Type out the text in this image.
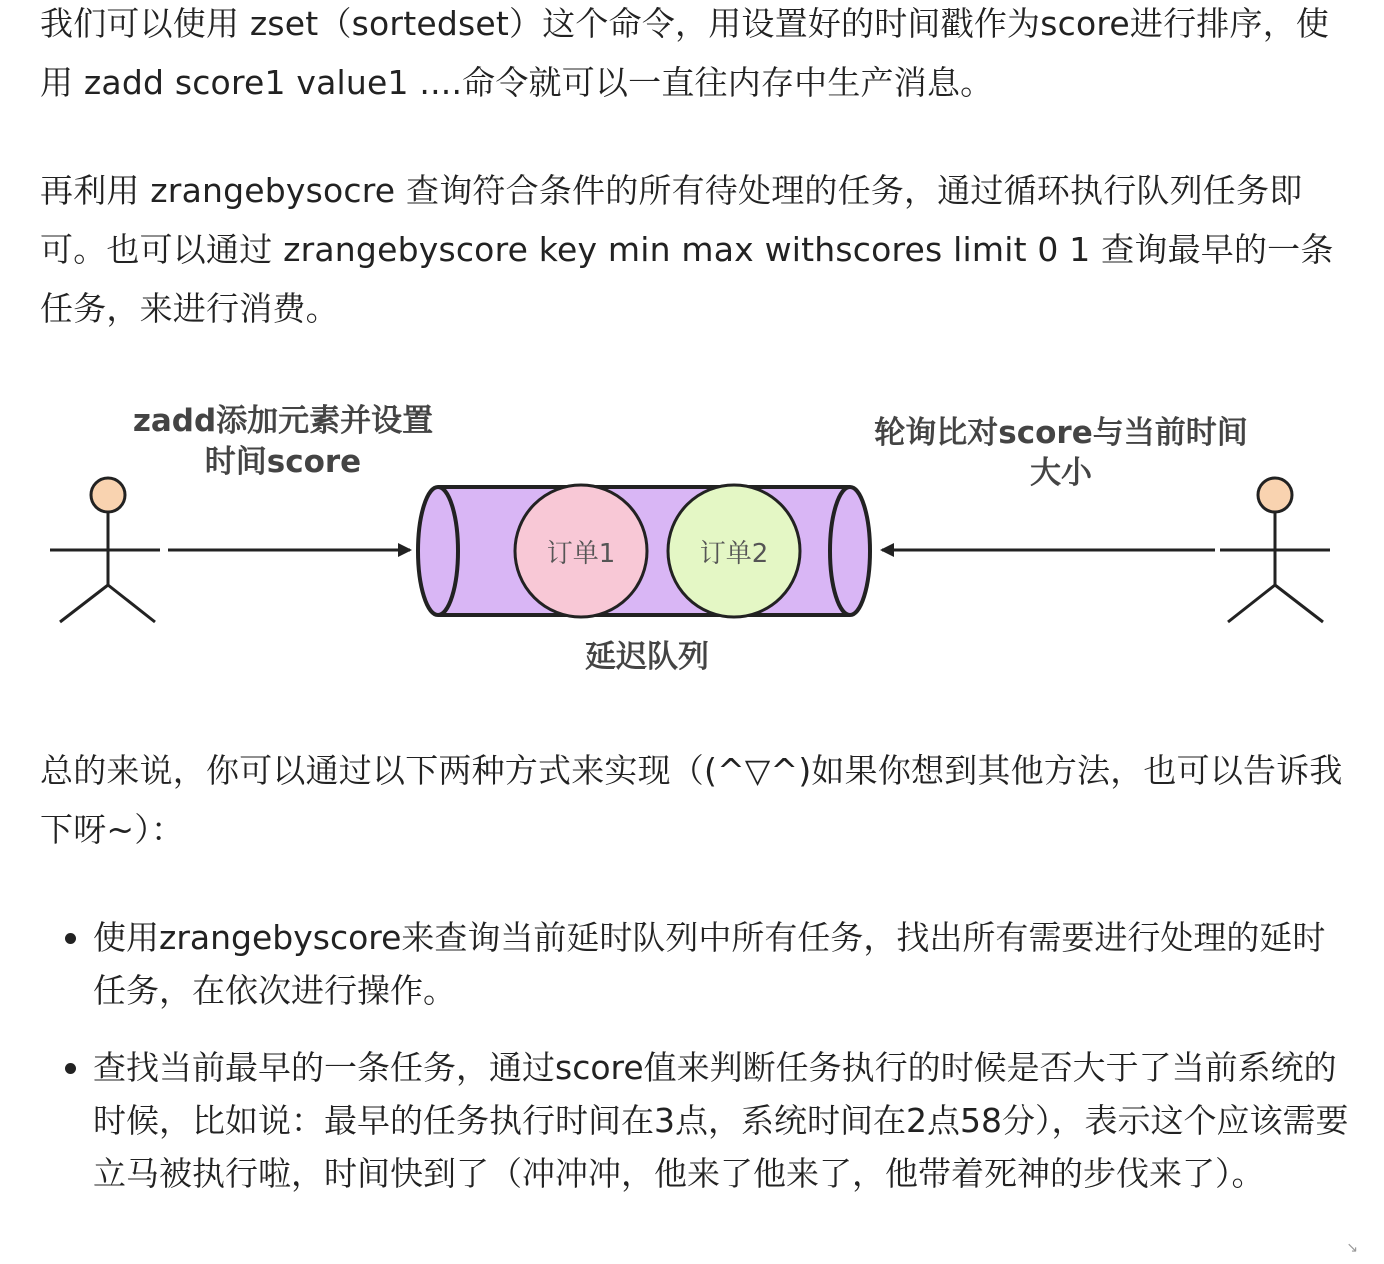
我们可以使用 zset（sortedset）这个命令，用设置好的时间戳作为score进行排序，使用 zadd score1 value1 ....命令就可以一直往内存中生产消息。

再利用 zrangebysocre 查询符合条件的所有待处理的任务，通过循环执行队列任务即可。也可以通过 zrangebyscore key min max withscores limit 0 1 查询最早的一条任务，来进行消费。

订单1	订单2
zadd添加元素并设置
时间score
轮询比对score与当前时间
大小
延迟队列

总的来说，你可以通过以下两种方式来实现（(^▽^)如果你想到其他方法，也可以告诉我下呀~）：

使用zrangebyscore来查询当前延时队列中所有任务，找出所有需要进行处理的延时任务，在依次进行操作。
查找当前最早的一条任务，通过score值来判断任务执行的时候是否大于了当前系统的时候，比如说：最早的任务执行时间在3点，系统时间在2点58分），表示这个应该需要立马被执行啦，时间快到了（冲冲冲，他来了他来了，他带着死神的步伐来了）。
↘
